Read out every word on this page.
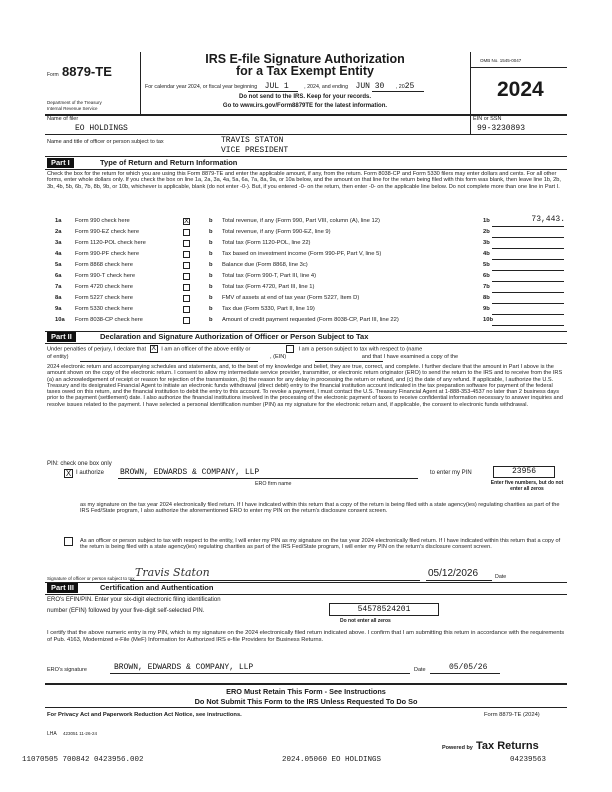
Form 8879-TE
Department of the Treasury
Internal Revenue Service
IRS E-file Signature Authorization
for a Tax Exempt Entity
For calendar year 2024, or fiscal year beginning JUL 1	, 2024, and ending JUN 30 , 2025
Do not send to the IRS. Keep for your records.
Go to www.irs.gov/Form8879TE for the latest information.
OMB No. 1545-0047
2024
Name of filer
EO HOLDINGS
EIN or SSN
99-3230893
Name and title of officer or person subject to tax	TRAVIS STATON
VICE PRESIDENT
Part I	Type of Return and Return Information
Check the box for the return for which you are using this Form 8879-TE and enter the applicable amount, if any, from the return. Form 8038-CP and Form 5330 filers may enter dollars and cents. For all other forms, enter whole dollars only. If you check the box on line 1a, 2a, 3a, 4a, 5a, 6a, 7a, 8a, 9a, or 10a below, and the amount on that line for the return being filed with this form was blank, then leave line 1b, 2b, 3b, 4b, 5b, 6b, 7b, 8b, 9b, or 10b, whichever is applicable, blank (do not enter -0-). But, if you entered -0- on the return, then enter -0- on the applicable line below. Do not complete more than one line in Part I.
1a Form 990 check here	X	b Total revenue, if any (Form 990, Part VIII, column (A), line 12)	1b	73,443.
2a Form 990-EZ check here	b Total revenue, if any (Form 990-EZ, line 9)	2b
3a Form 1120-POL check here	b Total tax (Form 1120-POL, line 22)	3b
4a Form 990-PF check here	b Tax based on investment income (Form 990-PF, Part V, line 5)	4b
5a Form 8868 check here	b Balance due (Form 8868, line 3c)	5b
6a Form 990-T check here	b Total tax (Form 990-T, Part III, line 4)	6b
7a Form 4720 check here	b Total tax (Form 4720, Part III, line 1)	7b
8a Form 5227 check here	b FMV of assets at end of tax year (Form 5227, Item D)	8b
9a Form 5330 check here	b Tax due (Form 5330, Part II, line 19)	9b
10a Form 8038-CP check here	b Amount of credit payment requested (Form 8038-CP, Part III, line 22)	10b
Part II	Declaration and Signature Authorization of Officer or Person Subject to Tax
Under penalties of perjury, I declare that X I am an officer of the above entity or	I am a person subject to tax with respect to (name
of entity)	, (EIN)	and that I have examined a copy of the
2024 electronic return and accompanying schedules and statements, and, to the best of my knowledge and belief, they are true, correct, and complete. I further declare that the amount in Part I above is the amount shown on the copy of the electronic return. I consent to allow my intermediate service provider, transmitter, or electronic return originator (ERO) to send the return to the IRS and to receive from the IRS (a) an acknowledgement of receipt or reason for rejection of the transmission, (b) the reason for any delay in processing the return or refund, and (c) the date of any refund. If applicable, I authorize the U.S. Treasury and its designated Financial Agent to initiate an electronic funds withdrawal (direct debit) entry to the financial institution account indicated in the tax preparation software for payment of the federal taxes owed on this return, and the financial institution to debit the entry to this account. To revoke a payment, I must contact the U.S. Treasury Financial Agent at 1-888-353-4537 no later than 2 business days prior to the payment (settlement) date. I also authorize the financial institutions involved in the processing of the electronic payment of taxes to receive confidential information necessary to answer inquiries and resolve issues related to the payment. I have selected a personal identification number (PIN) as my signature for the electronic return and, if applicable, the consent to electronic funds withdrawal.
PIN: check one box only
X I authorize BROWN, EDWARDS & COMPANY, LLP	to enter my PIN	23956
ERO firm name	Enter five numbers, but do not enter all zeros
as my signature on the tax year 2024 electronically filed return. If I have indicated within this return that a copy of the return is being filed with a state agency(ies) regulating charities as part of the IRS Fed/State program, I also authorize the aforementioned ERO to enter my PIN on the return's disclosure consent screen.
As an officer or person subject to tax with respect to the entity, I will enter my PIN as my signature on the tax year 2024 electronically filed return. If I have indicated within this return that a copy of the return is being filed with a state agency(ies) regulating charities as part of the IRS Fed/State program, I will enter my PIN on the return's disclosure consent screen.
Signature of officer or person subject to tax Travis Staton	05/12/2026	Date
Part III	Certification and Authentication
ERO's EFIN/PIN. Enter your six-digit electronic filing identification
number (EFIN) followed by your five-digit self-selected PIN.	54578524201
Do not enter all zeros
I certify that the above numeric entry is my PIN, which is my signature on the 2024 electronically filed return indicated above. I confirm that I am submitting this return in accordance with the requirements of Pub. 4163, Modernized e-File (MeF) Information for Authorized IRS e-file Providers for Business Returns.
ERO's signature	BROWN, EDWARDS & COMPANY, LLP	Date	05/05/26
ERO Must Retain This Form - See Instructions
Do Not Submit This Form to the IRS Unless Requested To Do So
For Privacy Act and Paperwork Reduction Act Notice, see instructions.	Form 8879-TE (2024)
LHA 423051 11-26-24
Powered by Tax Returns
11070505 700842 0423956.002	2024.05060 EO HOLDINGS	04239563
